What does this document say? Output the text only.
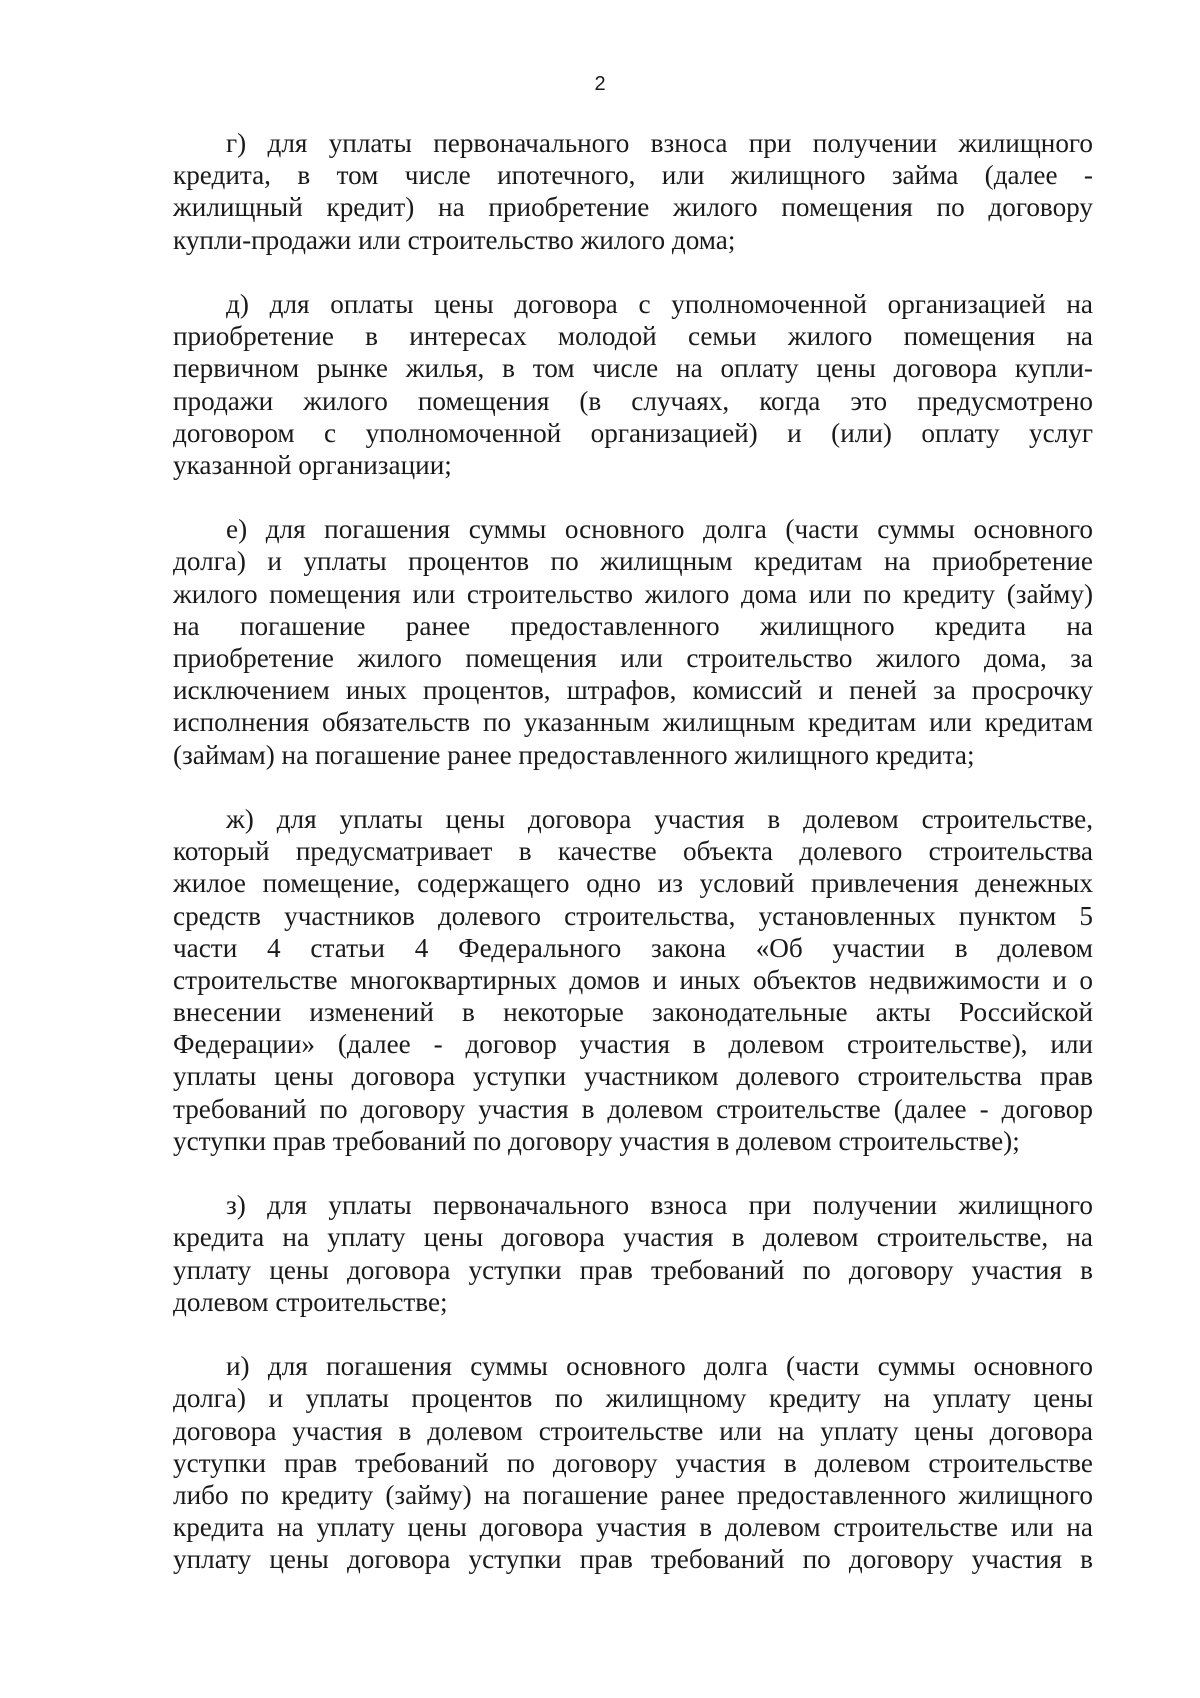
2
г) для уплаты первоначального взноса при получении жилищного
кредита, в том числе ипотечного, или жилищного займа (далее -
жилищный кредит) на приобретение жилого помещения по договору
купли-продажи или строительство жилого дома;
д) для оплаты цены договора с уполномоченной организацией на
приобретение в интересах молодой семьи жилого помещения на
первичном рынке жилья, в том числе на оплату цены договора купли-
продажи жилого помещения (в случаях, когда это предусмотрено
договором с уполномоченной организацией) и (или) оплату услуг
указанной организации;
е) для погашения суммы основного долга (части суммы основного
долга) и уплаты процентов по жилищным кредитам на приобретение
жилого помещения или строительство жилого дома или по кредиту (займу)
на погашение ранее предоставленного жилищного кредита на
приобретение жилого помещения или строительство жилого дома, за
исключением иных процентов, штрафов, комиссий и пеней за просрочку
исполнения обязательств по указанным жилищным кредитам или кредитам
(займам) на погашение ранее предоставленного жилищного кредита;
ж) для уплаты цены договора участия в долевом строительстве,
который предусматривает в качестве объекта долевого строительства
жилое помещение, содержащего одно из условий привлечения денежных
средств участников долевого строительства, установленных пунктом 5
части 4 статьи 4 Федерального закона «Об участии в долевом
строительстве многоквартирных домов и иных объектов недвижимости и о
внесении изменений в некоторые законодательные акты Российской
Федерации» (далее - договор участия в долевом строительстве), или
уплаты цены договора уступки участником долевого строительства прав
требований по договору участия в долевом строительстве (далее - договор
уступки прав требований по договору участия в долевом строительстве);
з) для уплаты первоначального взноса при получении жилищного
кредита на уплату цены договора участия в долевом строительстве, на
уплату цены договора уступки прав требований по договору участия в
долевом строительстве;
и) для погашения суммы основного долга (части суммы основного
долга) и уплаты процентов по жилищному кредиту на уплату цены
договора участия в долевом строительстве или на уплату цены договора
уступки прав требований по договору участия в долевом строительстве
либо по кредиту (займу) на погашение ранее предоставленного жилищного
кредита на уплату цены договора участия в долевом строительстве или на
уплату цены договора уступки прав требований по договору участия в
